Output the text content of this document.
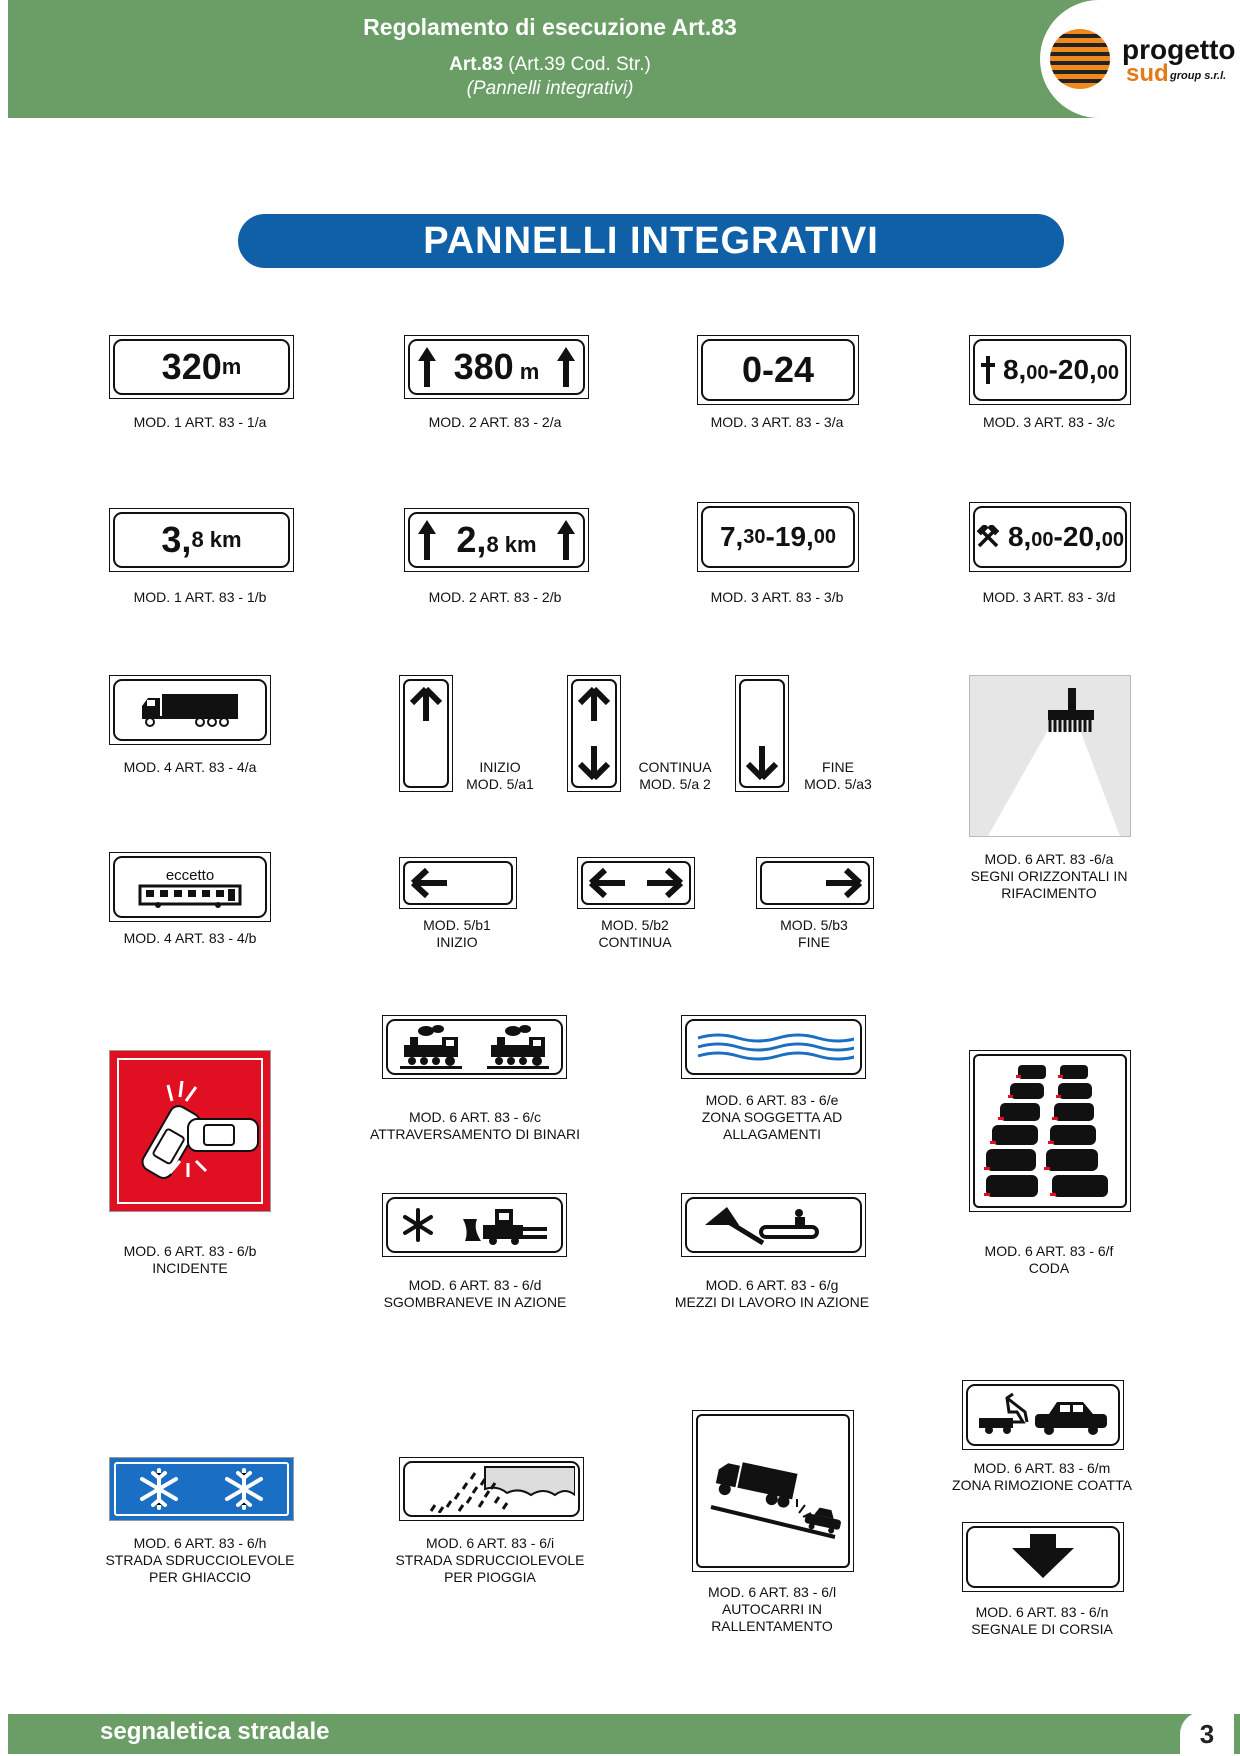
Regolamento di esecuzione Art.83
Art.83 (Art.39 Cod. Str.)
(Pannelli integrativi)
progetto
sud group s.r.l.
PANNELLI INTEGRATIVI
320 m
MOD. 1 ART. 83 - 1/a
380 m
MOD. 2 ART. 83 - 2/a
0-24
MOD. 3 ART. 83 - 3/a
8,00-20,00
MOD. 3 ART. 83 - 3/c
3, 8 km
MOD. 1 ART. 83 - 1/b
2,8 km
MOD. 2 ART. 83 - 2/b
7, 30 -19, 00
MOD. 3 ART. 83 - 3/b
8,00-20,00
MOD. 3 ART. 83 - 3/d
MOD. 4 ART. 83 - 4/a	INIZIO
MOD. 5/a1
CONTINUA
MOD. 5/a 2
FINE
MOD. 5/a3
MOD. 6 ART. 83 -6/a
SEGNI ORIZZONTALI IN
RIFACIMENTO
eccetto
MOD. 4 ART. 83 - 4/b
MOD. 5/b1
INIZIO
MOD. 5/b2
CONTINUA
MOD. 5/b3
FINE
MOD. 6 ART. 83 - 6/b
INCIDENTE
MOD. 6 ART. 83 - 6/c
ATTRAVERSAMENTO DI BINARI
MOD. 6 ART. 83 - 6/e
ZONA SOGGETTA AD
ALLAGAMENTI
MOD. 6 ART. 83 - 6/f
CODA
MOD. 6 ART. 83 - 6/d
SGOMBRANEVE IN AZIONE
MOD. 6 ART. 83 - 6/g
MEZZI DI LAVORO IN AZIONE
MOD. 6 ART. 83 - 6/h
STRADA SDRUCCIOLEVOLE
PER GHIACCIO
MOD. 6 ART. 83 - 6/i
STRADA SDRUCCIOLEVOLE
PER PIOGGIA
MOD. 6 ART. 83 - 6/l
AUTOCARRI IN
RALLENTAMENTO
MOD. 6 ART. 83 - 6/m
ZONA RIMOZIONE COATTA
MOD. 6 ART. 83 - 6/n
SEGNALE DI CORSIA
segnaletica stradale	3
